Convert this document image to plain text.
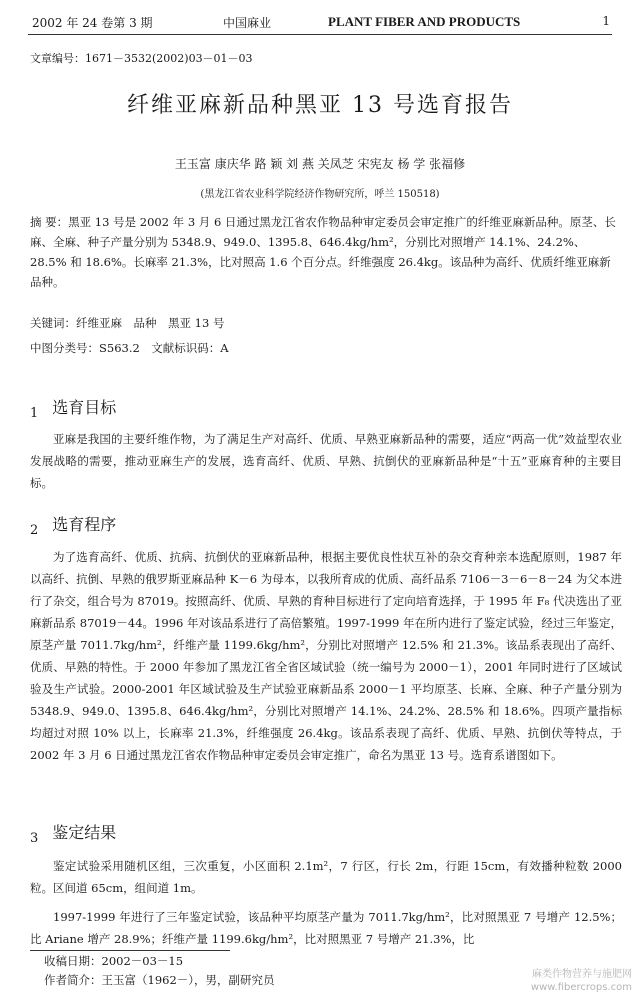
2002 年 24 卷第 3 期	中国麻业	PLANT FIBER AND PRODUCTS	1
文章编号：1671－3532(2002)03－01－03
纤维亚麻新品种黑亚 13 号选育报告
王玉富 康庆华 路 颖 刘 燕 关凤芝 宋宪友 杨 学 张福修
(黑龙江省农业科学院经济作物研究所，呼兰 150518)

摘 要：黑亚 13 号是 2002 年 3 月 6 日通过黑龙江省农作物品种审定委员会审定推广的纤维亚麻新品种。原茎、长麻、全麻、种子产量分别为 5348.9、949.0、1395.8、646.4kg/hm²，分别比对照增产 14.1%、24.2%、28.5% 和 18.6%。长麻率 21.3%，比对照高 1.6 个百分点。纤维强度 26.4kg。该品种为高纤、优质纤维亚麻新品种。

关键词：纤维亚麻　品种　黑亚 13 号
中图分类号：S563.2　文献标识码：A
$_1$ 选育目标

亚麻是我国的主要纤维作物，为了满足生产对高纤、优质、早熟亚麻新品种的需要，适应“两高一优”效益型农业发展战略的需要，推动亚麻生产的发展，选育高纤、优质、早熟、抗倒伏的亚麻新品种是“十五”亚麻育种的主要目标。

$_2$ 选育程序

为了选育高纤、优质、抗病、抗倒伏的亚麻新品种，根据主要优良性状互补的杂交育种亲本选配原则，1987 年以高纤、抗倒、早熟的俄罗斯亚麻品种 K－6 为母本，以我所育成的优质、高纤品系 7106－3－6－8－24 为父本进行了杂交，组合号为 87019。按照高纤、优质、早熟的育种目标进行了定向培育选择，于 1995 年 F₈ 代决选出了亚麻新品系 87019－44。1996 年对该品系进行了高倍繁殖。1997-1999 年在所内进行了鉴定试验，经过三年鉴定，原茎产量 7011.7kg/hm²，纤维产量 1199.6kg/hm²，分别比对照增产 12.5% 和 21.3%。该品系表现出了高纤、优质、早熟的特性。于 2000 年参加了黑龙江省全省区域试验（统一编号为 2000－1），2001 年同时进行了区域试验及生产试验。2000-2001 年区域试验及生产试验亚麻新品系 2000－1 平均原茎、长麻、全麻、种子产量分别为 5348.9、949.0、1395.8、646.4kg/hm²，分别比对照增产 14.1%、24.2%、28.5% 和 18.6%。四项产量指标均超过对照 10% 以上，长麻率 21.3%，纤维强度 26.4kg。该品系表现了高纤、优质、早熟、抗倒伏等特点，于 2002 年 3 月 6 日通过黑龙江省农作物品种审定委员会审定推广，命名为黑亚 13 号。选育系谱图如下。

$_3$ 鉴定结果

鉴定试验采用随机区组，三次重复，小区面积 2.1m²，7 行区，行长 2m，行距 15cm，有效播种粒数 2000 粒。区间道 65cm，组间道 1m。

1997-1999 年进行了三年鉴定试验，该品种平均原茎产量为 7011.7kg/hm²，比对照黑亚 7 号增产 12.5%；比 Ariane 增产 28.9%；纤维产量 1199.6kg/hm²，比对照黑亚 7 号增产 21.3%，比

收稿日期：2002－03－15
作者简介：王玉富（1962－），男，副研究员	麻类作物营养与施肥网
www.fibercrops.com
